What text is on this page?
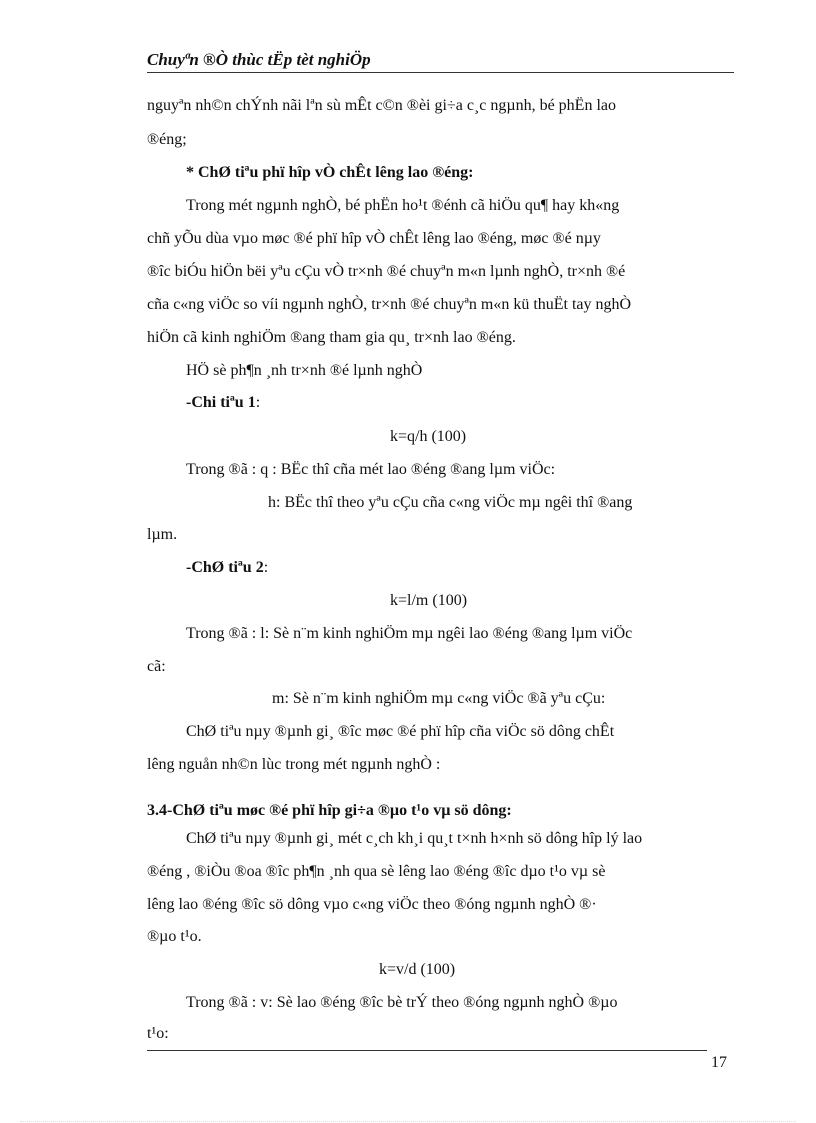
Chuyªn ®Ò thùc tËp tèt nghiÖp
nguyªn nh©n chÝnh nãi lªn sù mÊt c©n ®èi gi÷a c¸c ngµnh, bé phËn lao
®éng;
* ChØ tiªu phï hîp vÒ chÊt lêng lao ®éng:
Trong mét ngµnh nghÒ, bé phËn ho¹t ®énh cã hiÖu qu¶ hay kh«ng
chñ yÕu dùa vµo møc ®é phï hîp vÒ chÊt lêng lao ®éng, møc ®é nµy
®îc biÓu hiÖn bëi yªu cÇu vÒ tr×nh ®é chuyªn m«n lµnh nghÒ, tr×nh ®é
cña c«ng viÖc so víi ngµnh nghÒ, tr×nh ®é chuyªn m«n kü thuËt tay nghÒ
hiÖn cã kinh nghiÖm ®ang tham gia qu¸ tr×nh lao ®éng.
HÖ sè ph¶n ¸nh tr×nh ®é lµnh nghÒ
-Chi tiªu 1:
k=q/h (100)
Trong ®ã : q : BËc thî cña mét lao ®éng ®ang lµm viÖc:
h: BËc thî theo yªu cÇu cña c«ng viÖc mµ ngêi thî ®ang
lµm.
-ChØ tiªu 2:
k=l/m (100)
Trong ®ã : l: Sè n¨m kinh nghiÖm mµ ngêi lao ®éng ®ang lµm viÖc
cã:
m: Sè n¨m kinh nghiÖm mµ c«ng viÖc ®ã yªu cÇu:
ChØ tiªu nµy ®µnh gi¸ ®îc møc ®é phï hîp cña viÖc sö dông chÊt
lêng nguån nh©n lùc trong mét ngµnh nghÒ :
3.4-ChØ tiªu møc ®é phï hîp gi÷a ®µo t¹o vµ sö dông:
ChØ tiªu nµy ®µnh gi¸ mét c¸ch kh¸i qu¸t t×nh h×nh sö dông hîp lý lao
®éng , ®iÒu ®oa ®îc ph¶n ¸nh qua sè lêng lao ®éng ®îc dµo t¹o vµ sè
lêng lao ®éng ®îc sö dông vµo c«ng viÖc theo ®óng ngµnh nghÒ ®·
®µo t¹o.
k=v/d (100)
Trong ®ã : v: Sè lao ®éng ®îc bè trÝ theo ®óng ngµnh nghÒ ®µo
t¹o:
17
